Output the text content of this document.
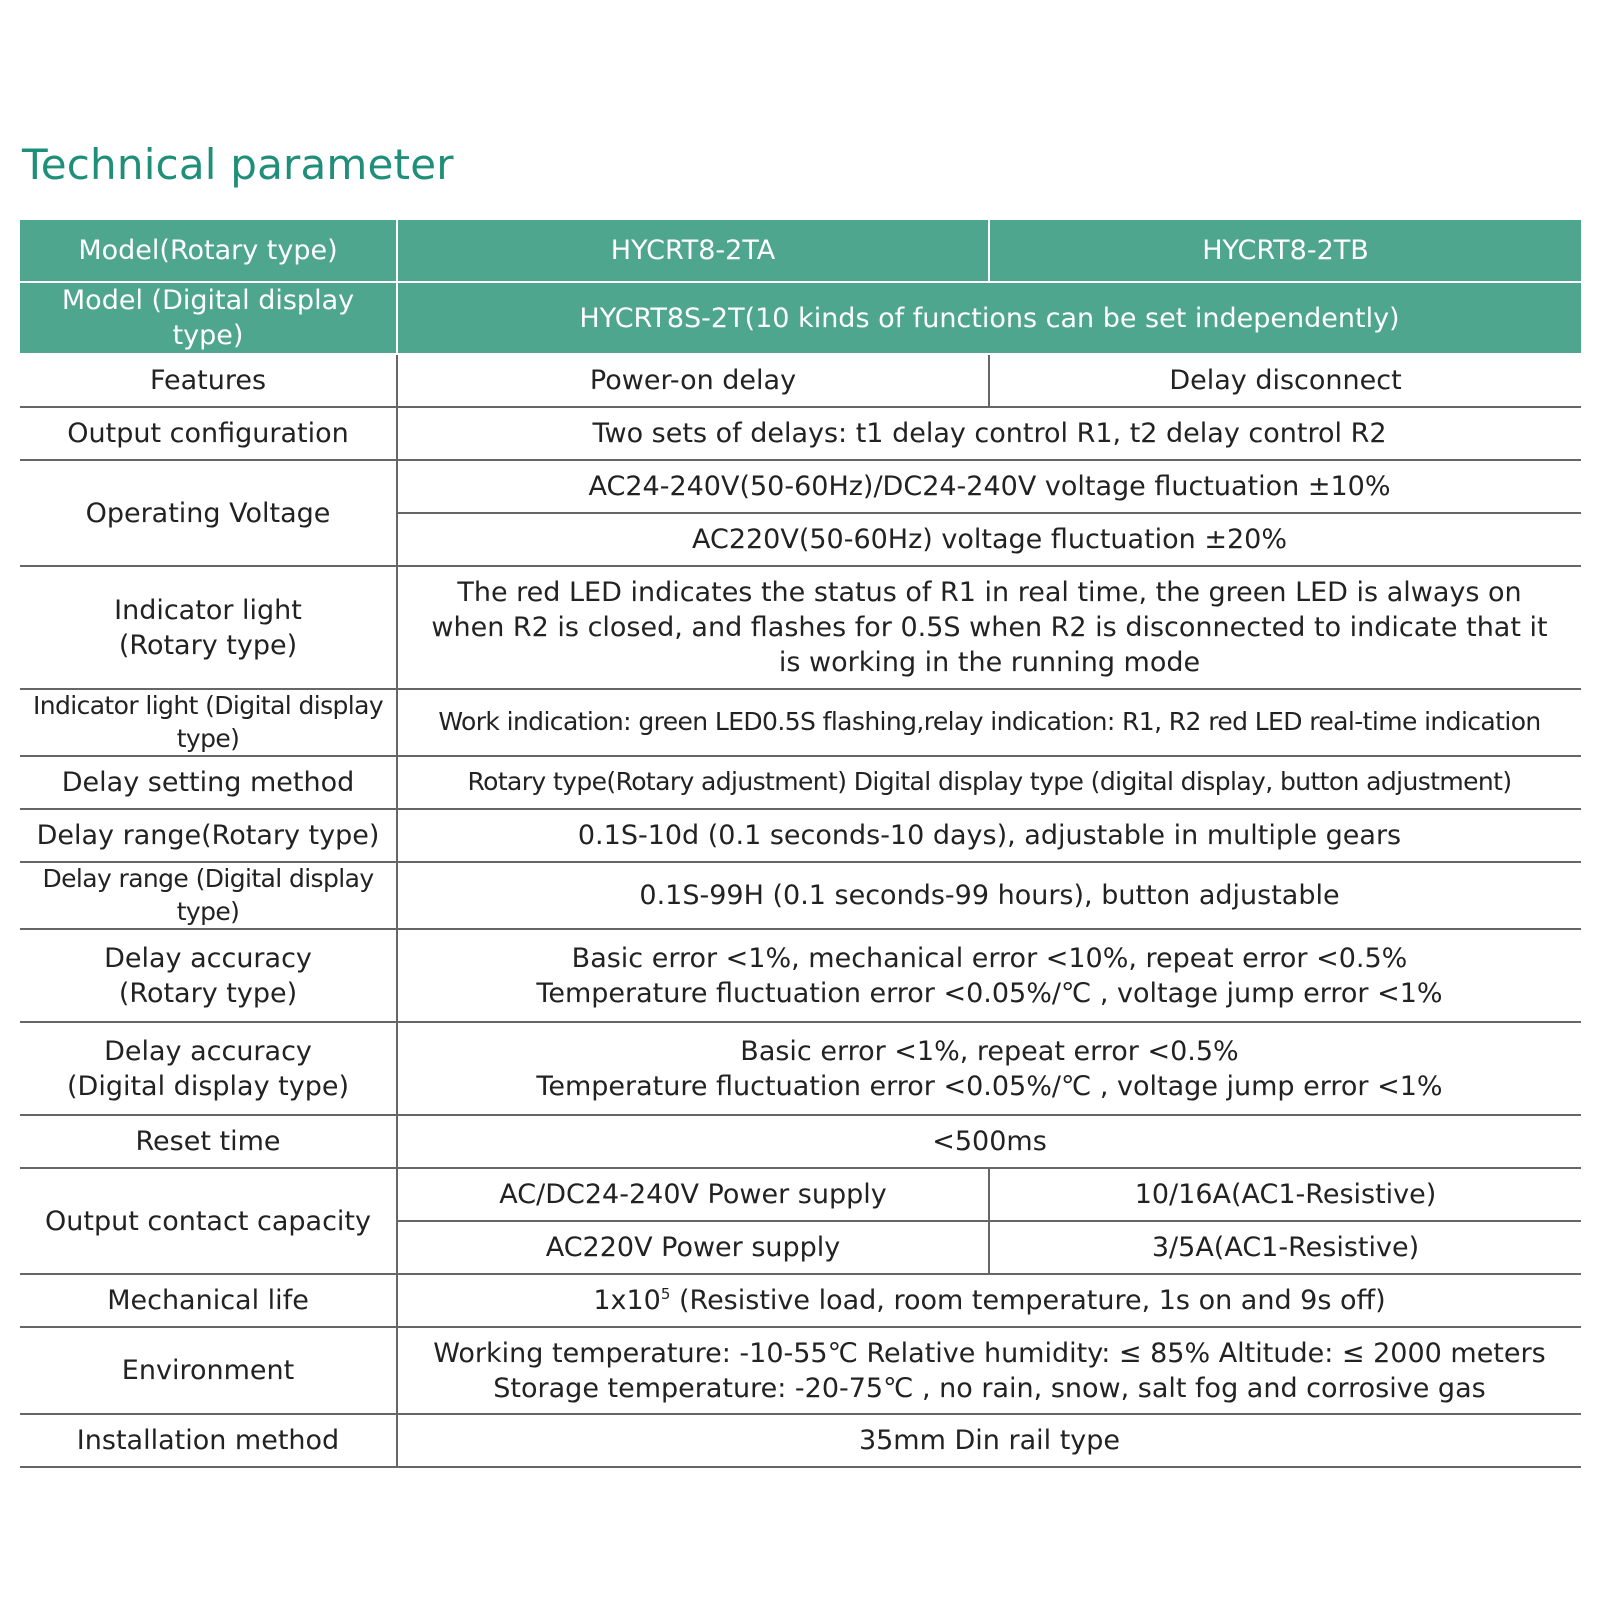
Technical parameter
Model(Rotary type)	HYCRT8-2TA	HYCRT8-2TB
Model (Digital display type)	HYCRT8S-2T(10 kinds of functions can be set independently)	
Features	Power-on delay	Delay disconnect
Output configuration	Two sets of delays: t1 delay control R1, t2 delay control R2	
Operating Voltage	AC24-240V(50-60Hz)/DC24-240V voltage fluctuation ±10%	
	AC220V(50-60Hz) voltage fluctuation ±20%	

Indicator light
(Rotary type)	The red LED indicates the status of R1 in real time, the green LED is always on
when R2 is closed, and flashes for 0.5S when R2 is disconnected to indicate that it
is working in the running mode	

Indicator light (Digital display type)	Work indication: green LED0.5S flashing,relay indication: R1, R2 red LED real-time indication	
Delay setting method	Rotary type(Rotary adjustment) Digital display type (digital display, button adjustment)	
Delay range(Rotary type)	0.1S-10d (0.1 seconds-10 days), adjustable in multiple gears	
Delay range (Digital display type)	0.1S-99H (0.1 seconds-99 hours), button adjustable	

Delay accuracy
(Rotary type)	Basic error <1%, mechanical error <10%, repeat error <0.5%
Temperature fluctuation error <0.05%/℃ , voltage jump error <1%	

Delay accuracy
(Digital display type)	Basic error <1%, repeat error <0.5%
Temperature fluctuation error <0.05%/℃ , voltage jump error <1%	

Reset time	<500ms	
Output contact capacity	AC/DC24-240V Power supply	10/16A(AC1-Resistive)
	AC220V Power supply	3/5A(AC1-Resistive)
Mechanical life	$1x10^5$ (Resistive load, room temperature, 1s on and 9s off)	
Environment	Working temperature: -10-55℃ Relative humidity: ≤ 85% Altitude: ≤ 2000 meters
Storage temperature: -20-75℃ , no rain, snow, salt fog and corrosive gas	

Installation method	35mm Din rail type	
